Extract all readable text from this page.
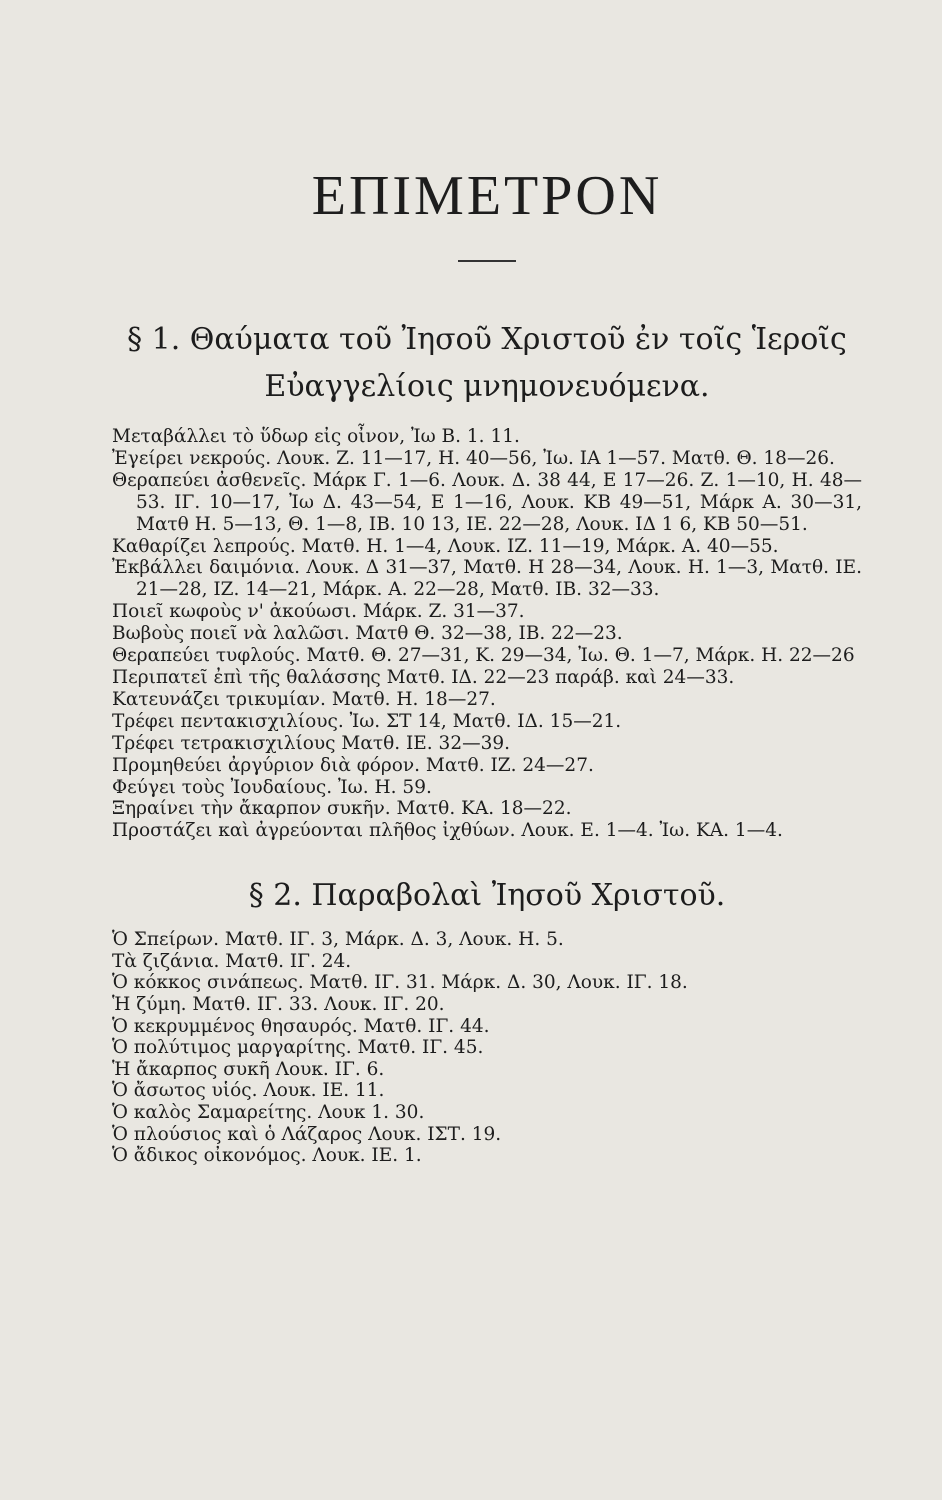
ΕΠΙΜΕΤΡΟΝ
§ 1. Θαύματα τοῦ Ἰησοῦ Χριστοῦ ἐν τοῖς Ἱεροῖς Εὐαγγελίοις μνημονευόμενα.
Μεταβάλλει τὸ ὕδωρ εἰς οἶνον, Ἰω Β. 1. 11.
Ἐγείρει νεκρούς. Λουκ. Ζ. 11—17, Η. 40—56, Ἰω. ΙΑ 1—57. Ματθ. Θ. 18—26.
Θεραπεύει ἀσθενεῖς. Μάρκ Γ. 1—6. Λουκ. Δ. 38 44, Ε 17—26. Ζ. 1—10, Η. 48—53. ΙΓ. 10—17, Ἰω Δ. 43—54, Ε 1—16, Λουκ. ΚΒ 49—51, Μάρκ Α. 30—31, Ματθ Η. 5—13, Θ. 1—8, ΙΒ. 10 13, ΙΕ. 22—28, Λουκ. ΙΔ 1 6, ΚΒ 50—51.
Καθαρίζει λεπρούς. Ματθ. Η. 1—4, Λουκ. ΙΖ. 11—19, Μάρκ. Α. 40—55.
Ἐκβάλλει δαιμόνια. Λουκ. Δ 31—37, Ματθ. Η 28—34, Λουκ. Η. 1—3, Ματθ. ΙΕ. 21—28, ΙΖ. 14—21, Μάρκ. Α. 22—28, Ματθ. ΙΒ. 32—33.
Ποιεῖ κωφοὺς ν' ἀκούωσι. Μάρκ. Ζ. 31—37.
Βωβοὺς ποιεῖ νὰ λαλῶσι. Ματθ Θ. 32—38, ΙΒ. 22—23.
Θεραπεύει τυφλούς. Ματθ. Θ. 27—31, Κ. 29—34, Ἰω. Θ. 1—7, Μάρκ. Η. 22—26
Περιπατεῖ ἐπὶ τῆς θαλάσσης Ματθ. ΙΔ. 22—23 παράβ. καὶ 24—33.
Κατευνάζει τρικυμίαν. Ματθ. Η. 18—27.
Τρέφει πεντακισχιλίους. Ἰω. ΣΤ 14, Ματθ. ΙΔ. 15—21.
Τρέφει τετρακισχιλίους Ματθ. ΙΕ. 32—39.
Προμηθεύει ἀργύριον διὰ φόρον. Ματθ. ΙΖ. 24—27.
Φεύγει τοὺς Ἰουδαίους. Ἰω. Η. 59.
Ξηραίνει τὴν ἄκαρπον συκῆν. Ματθ. ΚΑ. 18—22.
Προστάζει καὶ ἀγρεύονται πλῆθος ἰχθύων. Λουκ. Ε. 1—4. Ἰω. ΚΑ. 1—4.
§ 2. Παραβολαὶ Ἰησοῦ Χριστοῦ.
Ὁ Σπείρων. Ματθ. ΙΓ. 3, Μάρκ. Δ. 3, Λουκ. Η. 5.
Τὰ ζιζάνια. Ματθ. ΙΓ. 24.
Ὁ κόκκος σινάπεως. Ματθ. ΙΓ. 31. Μάρκ. Δ. 30, Λουκ. ΙΓ. 18.
Ἡ ζύμη. Ματθ. ΙΓ. 33. Λουκ. ΙΓ. 20.
Ὁ κεκρυμμένος θησαυρός. Ματθ. ΙΓ. 44.
Ὁ πολύτιμος μαργαρίτης. Ματθ. ΙΓ. 45.
Ἡ ἄκαρπος συκῆ Λουκ. ΙΓ. 6.
Ὁ ἄσωτος υἱός. Λουκ. ΙΕ. 11.
Ὁ καλὸς Σαμαρείτης. Λουκ 1. 30.
Ὁ πλούσιος καὶ ὁ Λάζαρος Λουκ. ΙΣΤ. 19.
Ὁ ἄδικος οἰκονόμος. Λουκ. ΙΕ. 1.
